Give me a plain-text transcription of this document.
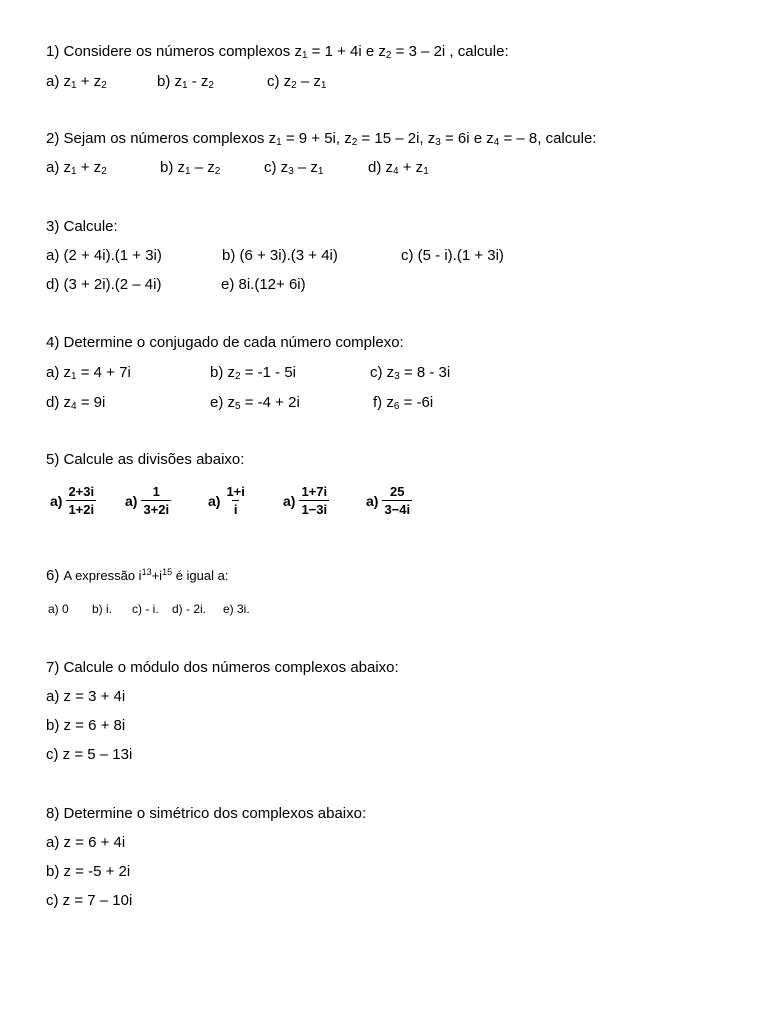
1) Considere os números complexos $z_1 = 1 + 4i$ e $z_2 = 3 - 2i$ , calcule:
a) $z_1 + z_2$	b) $z_1 - z_2$	c) $z_2 - z_1$
2) Sejam os números complexos $z_1 = 9 + 5i$, $z_2 = 15 - 2i$, $z_3 = 6i$ e $z_4$ = – 8, calcule:
a) $z_1 + z_2$	b) $z_1 - z_2$	c) $z_3 - z_1$	d) $z_4 + z_1$
3) Calcule:
a) (2 + 4i).(1 + 3i)	b) (6 + 3i).(3 + 4i)	c) (5 - i).(1 + 3i)
d) (3 + 2i).(2 – 4i)	e) 8i.(12+ 6i)
4) Determine o conjugado de cada número complexo:
a) $z_1 = 4 + 7i$	b) $z_2 = -1 - 5i$	c) $z_3 = 8 - 3i$
d) $z_4 = 9i$	e) $z_5 = -4 + 2i$	f) $z_6 = -6i$
5) Calcule as divisões abaixo:
$a) \frac{2+3i}{1+2i} a) \frac{1}{3+2i}$	$a) \frac{1+i}{i}$	$a) \frac{1+7i}{1-3i}$	$a) \frac{25}{3-4i}$
6) A expressão $i^{13}+i^{15}$ é igual a:
a) 0 b) i. c) - i. d) - 2i. e) 3i.
7) Calcule o módulo dos números complexos abaixo:
a) z = 3 + 4i
b) z = 6 + 8i
c) z = 5 – 13i
8) Determine o simétrico dos complexos abaixo:
a) z = 6 + 4i
b) z = -5 + 2i
c) z = 7 – 10i
